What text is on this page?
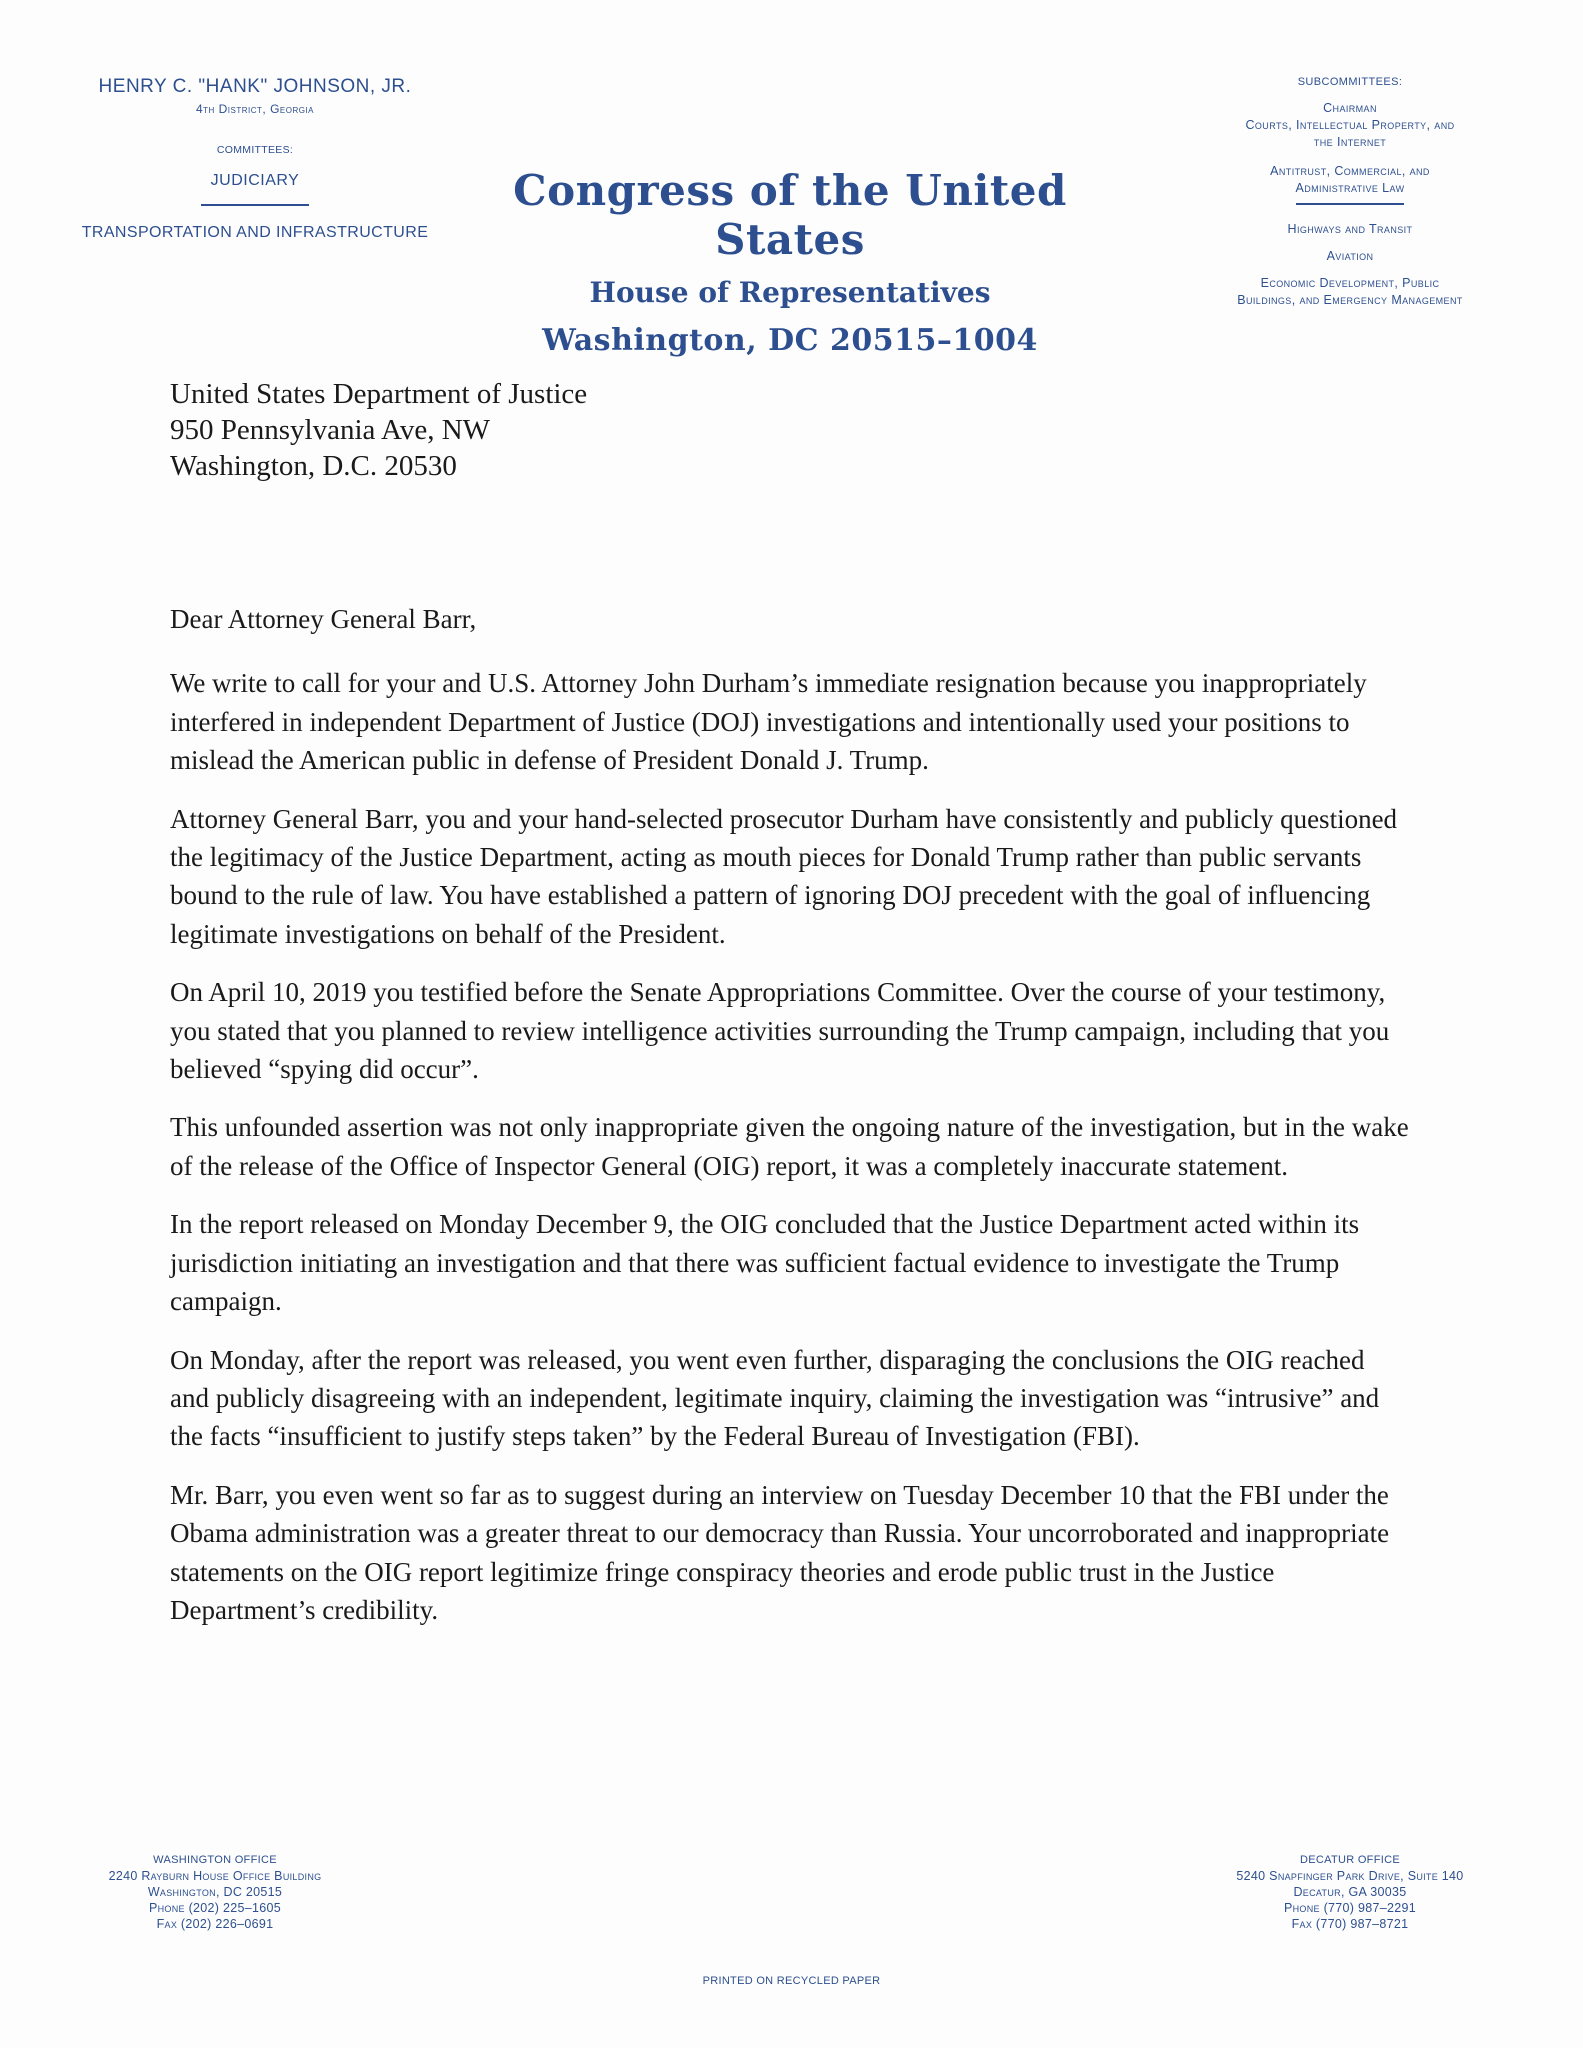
HENRY C. "HANK" JOHNSON, JR.
4th District, Georgia
COMMITTEES:
JUDICIARY
TRANSPORTATION AND INFRASTRUCTURE
Congress of the United States
House of Representatives
Washington, DC 20515–1004
SUBCOMMITTEES:
Chairman
Courts, Intellectual Property, and
the Internet
Antitrust, Commercial, and
Administrative Law
Highways and Transit
Aviation
Economic Development, Public
Buildings, and Emergency Management
United States Department of Justice
950 Pennsylvania Ave, NW
Washington, D.C. 20530

Dear Attorney General Barr,

We write to call for your and U.S. Attorney John Durham’s immediate resignation because you inappropriately interfered in independent Department of Justice (DOJ) investigations and intentionally used your positions to mislead the American public in defense of President Donald J. Trump.

Attorney General Barr, you and your hand-selected prosecutor Durham have consistently and publicly questioned the legitimacy of the Justice Department, acting as mouth pieces for Donald Trump rather than public servants bound to the rule of law. You have established a pattern of ignoring DOJ precedent with the goal of influencing legitimate investigations on behalf of the President.

On April 10, 2019 you testified before the Senate Appropriations Committee. Over the course of your testimony, you stated that you planned to review intelligence activities surrounding the Trump campaign, including that you believed “spying did occur”.

This unfounded assertion was not only inappropriate given the ongoing nature of the investigation, but in the wake of the release of the Office of Inspector General (OIG) report, it was a completely inaccurate statement.

In the report released on Monday December 9, the OIG concluded that the Justice Department acted within its jurisdiction initiating an investigation and that there was sufficient factual evidence to investigate the Trump campaign.

On Monday, after the report was released, you went even further, disparaging the conclusions the OIG reached and publicly disagreeing with an independent, legitimate inquiry, claiming the investigation was “intrusive” and the facts “insufficient to justify steps taken” by the Federal Bureau of Investigation (FBI).

Mr. Barr, you even went so far as to suggest during an interview on Tuesday December 10 that the FBI under the Obama administration was a greater threat to our democracy than Russia. Your uncorroborated and inappropriate statements on the OIG report legitimize fringe conspiracy theories and erode public trust in the Justice Department’s credibility.

WASHINGTON OFFICE
2240 Rayburn House Office Building
Washington, DC 20515
Phone (202) 225–1605
Fax (202) 226–0691
DECATUR OFFICE
5240 Snapfinger Park Drive, Suite 140
Decatur, GA 30035
Phone (770) 987–2291
Fax (770) 987–8721
PRINTED ON RECYCLED PAPER
